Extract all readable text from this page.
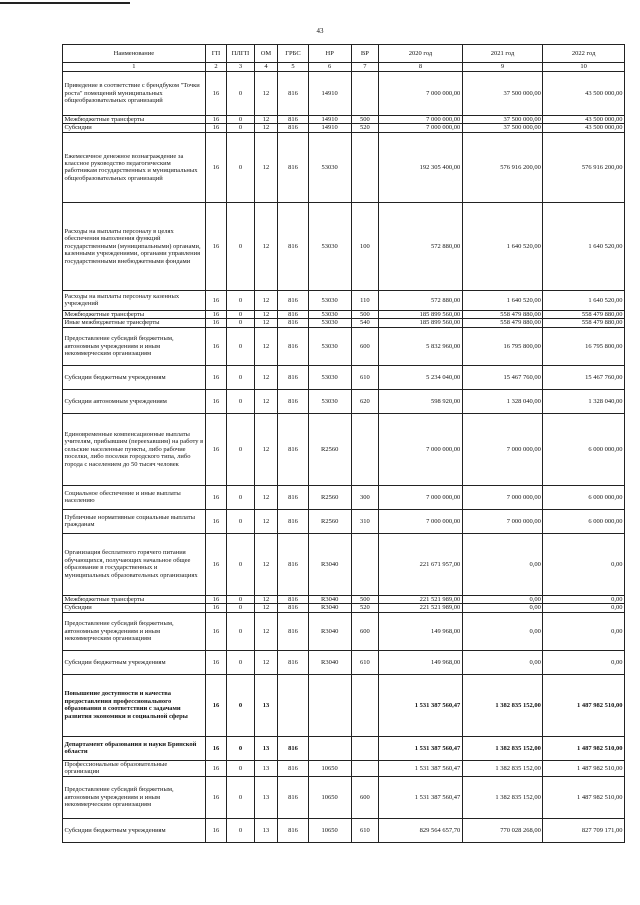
43
Наименование	ГП	ПЛГП	ОМ	ГРБС	НР	ВР	2020 год	2021 год	2022 год
1	2	3	4	5	6	7	8	9	10
Приведение в соответствие с брендбуком "Точки роста" помещений муниципальных общеобразовательных организаций	16	0	12	816	14910		7 000 000,00	37 500 000,00	43 500 000,00
Межбюджетные трансферты	16	0	12	816	14910	500	7 000 000,00	37 500 000,00	43 500 000,00
Субсидии	16	0	12	816	14910	520	7 000 000,00	37 500 000,00	43 500 000,00
Ежемесячное денежное вознаграждение за классное руководство педагогическим работникам государственных и муниципальных общеобразовательных организаций	16	0	12	816	53030		192 305 400,00	576 916 200,00	576 916 200,00
Расходы на выплаты персоналу в целях обеспечения выполнения функций государственными (муниципальными) органами, казенными учреждениями, органами управления государственными внебюджетными фондами	16	0	12	816	53030	100	572 880,00	1 640 520,00	1 640 520,00
Расходы на выплаты персоналу казенных учреждений	16	0	12	816	53030	110	572 880,00	1 640 520,00	1 640 520,00
Межбюджетные трансферты	16	0	12	816	53030	500	185 899 560,00	558 479 880,00	558 479 880,00
Иные межбюджетные трансферты	16	0	12	816	53030	540	185 899 560,00	558 479 880,00	558 479 880,00
Предоставление субсидий бюджетным, автономным учреждениям и иным некоммерческим организациям	16	0	12	816	53030	600	5 832 960,00	16 795 800,00	16 795 800,00
Субсидии бюджетным учреждениям	16	0	12	816	53030	610	5 234 040,00	15 467 760,00	15 467 760,00
Субсидии автономным учреждениям	16	0	12	816	53030	620	598 920,00	1 328 040,00	1 328 040,00
Единовременные компенсационные выплаты учителям, прибывшим (переехавшим) на работу в сельские населенные пункты, либо рабочие поселки, либо поселки городского типа, либо города с населением до 50 тысяч человек	16	0	12	816	R2560		7 000 000,00	7 000 000,00	6 000 000,00
Социальное обеспечение и иные выплаты населению	16	0	12	816	R2560	300	7 000 000,00	7 000 000,00	6 000 000,00
Публичные нормативные социальные выплаты гражданам	16	0	12	816	R2560	310	7 000 000,00	7 000 000,00	6 000 000,00
Организация бесплатного горячего питания обучающихся, получающих начальное общее образование в государственных и муниципальных образовательных организациях	16	0	12	816	R3040		221 671 957,00	0,00	0,00
Межбюджетные трансферты	16	0	12	816	R3040	500	221 521 989,00	0,00	0,00
Субсидии	16	0	12	816	R3040	520	221 521 989,00	0,00	0,00
Предоставление субсидий бюджетным, автономным учреждениям и иным некоммерческим организациям	16	0	12	816	R3040	600	149 968,00	0,00	0,00
Субсидии бюджетным учреждениям	16	0	12	816	R3040	610	149 968,00	0,00	0,00
Повышение доступности и качества предоставления профессионального образования в соответствии с задачами развития экономики и социальной сферы	16	0	13				1 531 387 560,47	1 382 835 152,00	1 487 982 510,00
Департамент образования и науки Брянской области	16	0	13	816			1 531 387 560,47	1 382 835 152,00	1 487 982 510,00
Профессиональные образовательные организации	16	0	13	816	10650		1 531 387 560,47	1 382 835 152,00	1 487 982 510,00
Предоставление субсидий бюджетным, автономным учреждениям и иным некоммерческим организациям	16	0	13	816	10650	600	1 531 387 560,47	1 382 835 152,00	1 487 982 510,00
Субсидии бюджетным учреждениям	16	0	13	816	10650	610	829 564 657,70	770 028 268,00	827 709 171,00
